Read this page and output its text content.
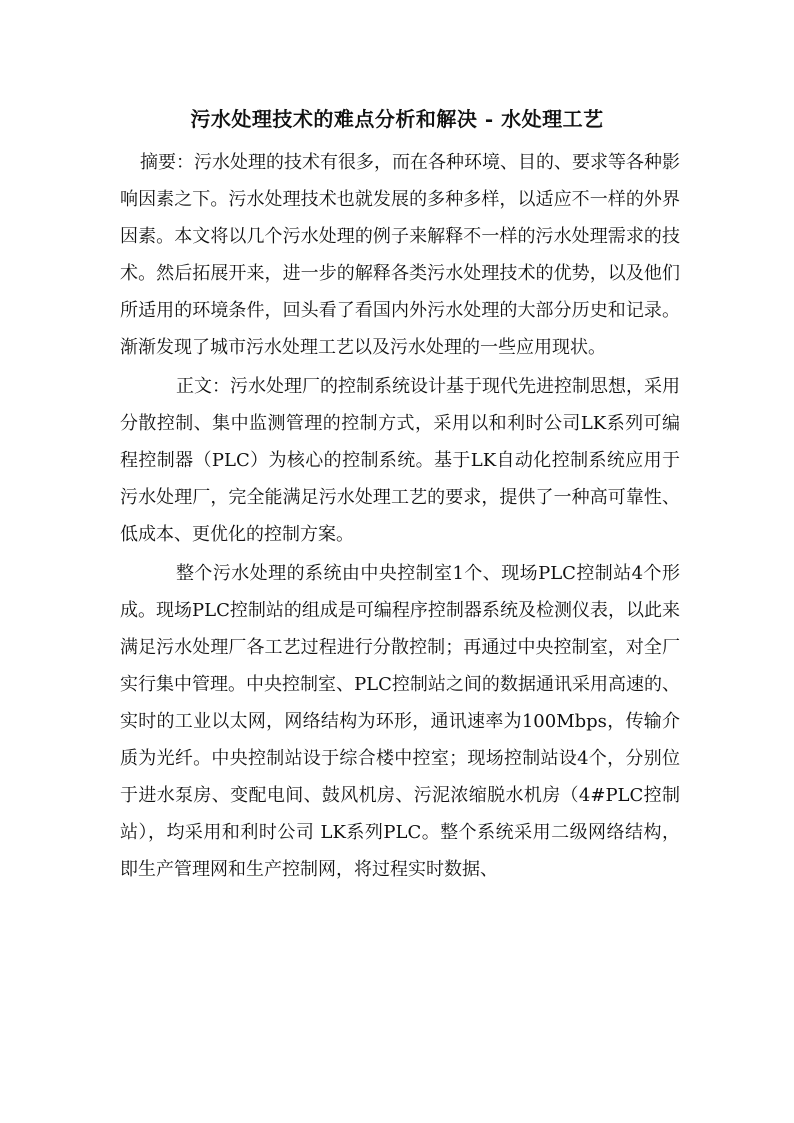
污水处理技术的难点分析和解决 - 水处理工艺

摘要：污水处理的技术有很多，而在各种环境、目的、要求等各种影响因素之下。污水处理技术也就发展的多种多样，以适应不一样的外界因素。本文将以几个污水处理的例子来解释不一样的污水处理需求的技术。然后拓展开来，进一步的解释各类污水处理技术的优势，以及他们所适用的环境条件，回头看了看国内外污水处理的大部分历史和记录。渐渐发现了城市污水处理工艺以及污水处理的一些应用现状。

正文：污水处理厂的控制系统设计基于现代先进控制思想，采用分散控制、集中监测管理的控制方式，采用以和利时公司LK系列可编程控制器（PLC）为核心的控制系统。基于LK自动化控制系统应用于污水处理厂，完全能满足污水处理工艺的要求，提供了一种高可靠性、低成本、更优化的控制方案。

整个污水处理的系统由中央控制室1个、现场PLC控制站4个形成。现场PLC控制站的组成是可编程序控制器系统及检测仪表，以此来满足污水处理厂各工艺过程进行分散控制；再通过中央控制室，对全厂实行集中管理。中央控制室、PLC控制站之间的数据通讯采用高速的、实时的工业以太网，网络结构为环形，通讯速率为100Mbps，传输介质为光纤。中央控制站设于综合楼中控室；现场控制站设4个，分别位于进水泵房、变配电间、鼓风机房、污泥浓缩脱水机房（4#PLC控制站），均采用和利时公司 LK系列PLC。整个系统采用二级网络结构，即生产管理网和生产控制网，将过程实时数据、
